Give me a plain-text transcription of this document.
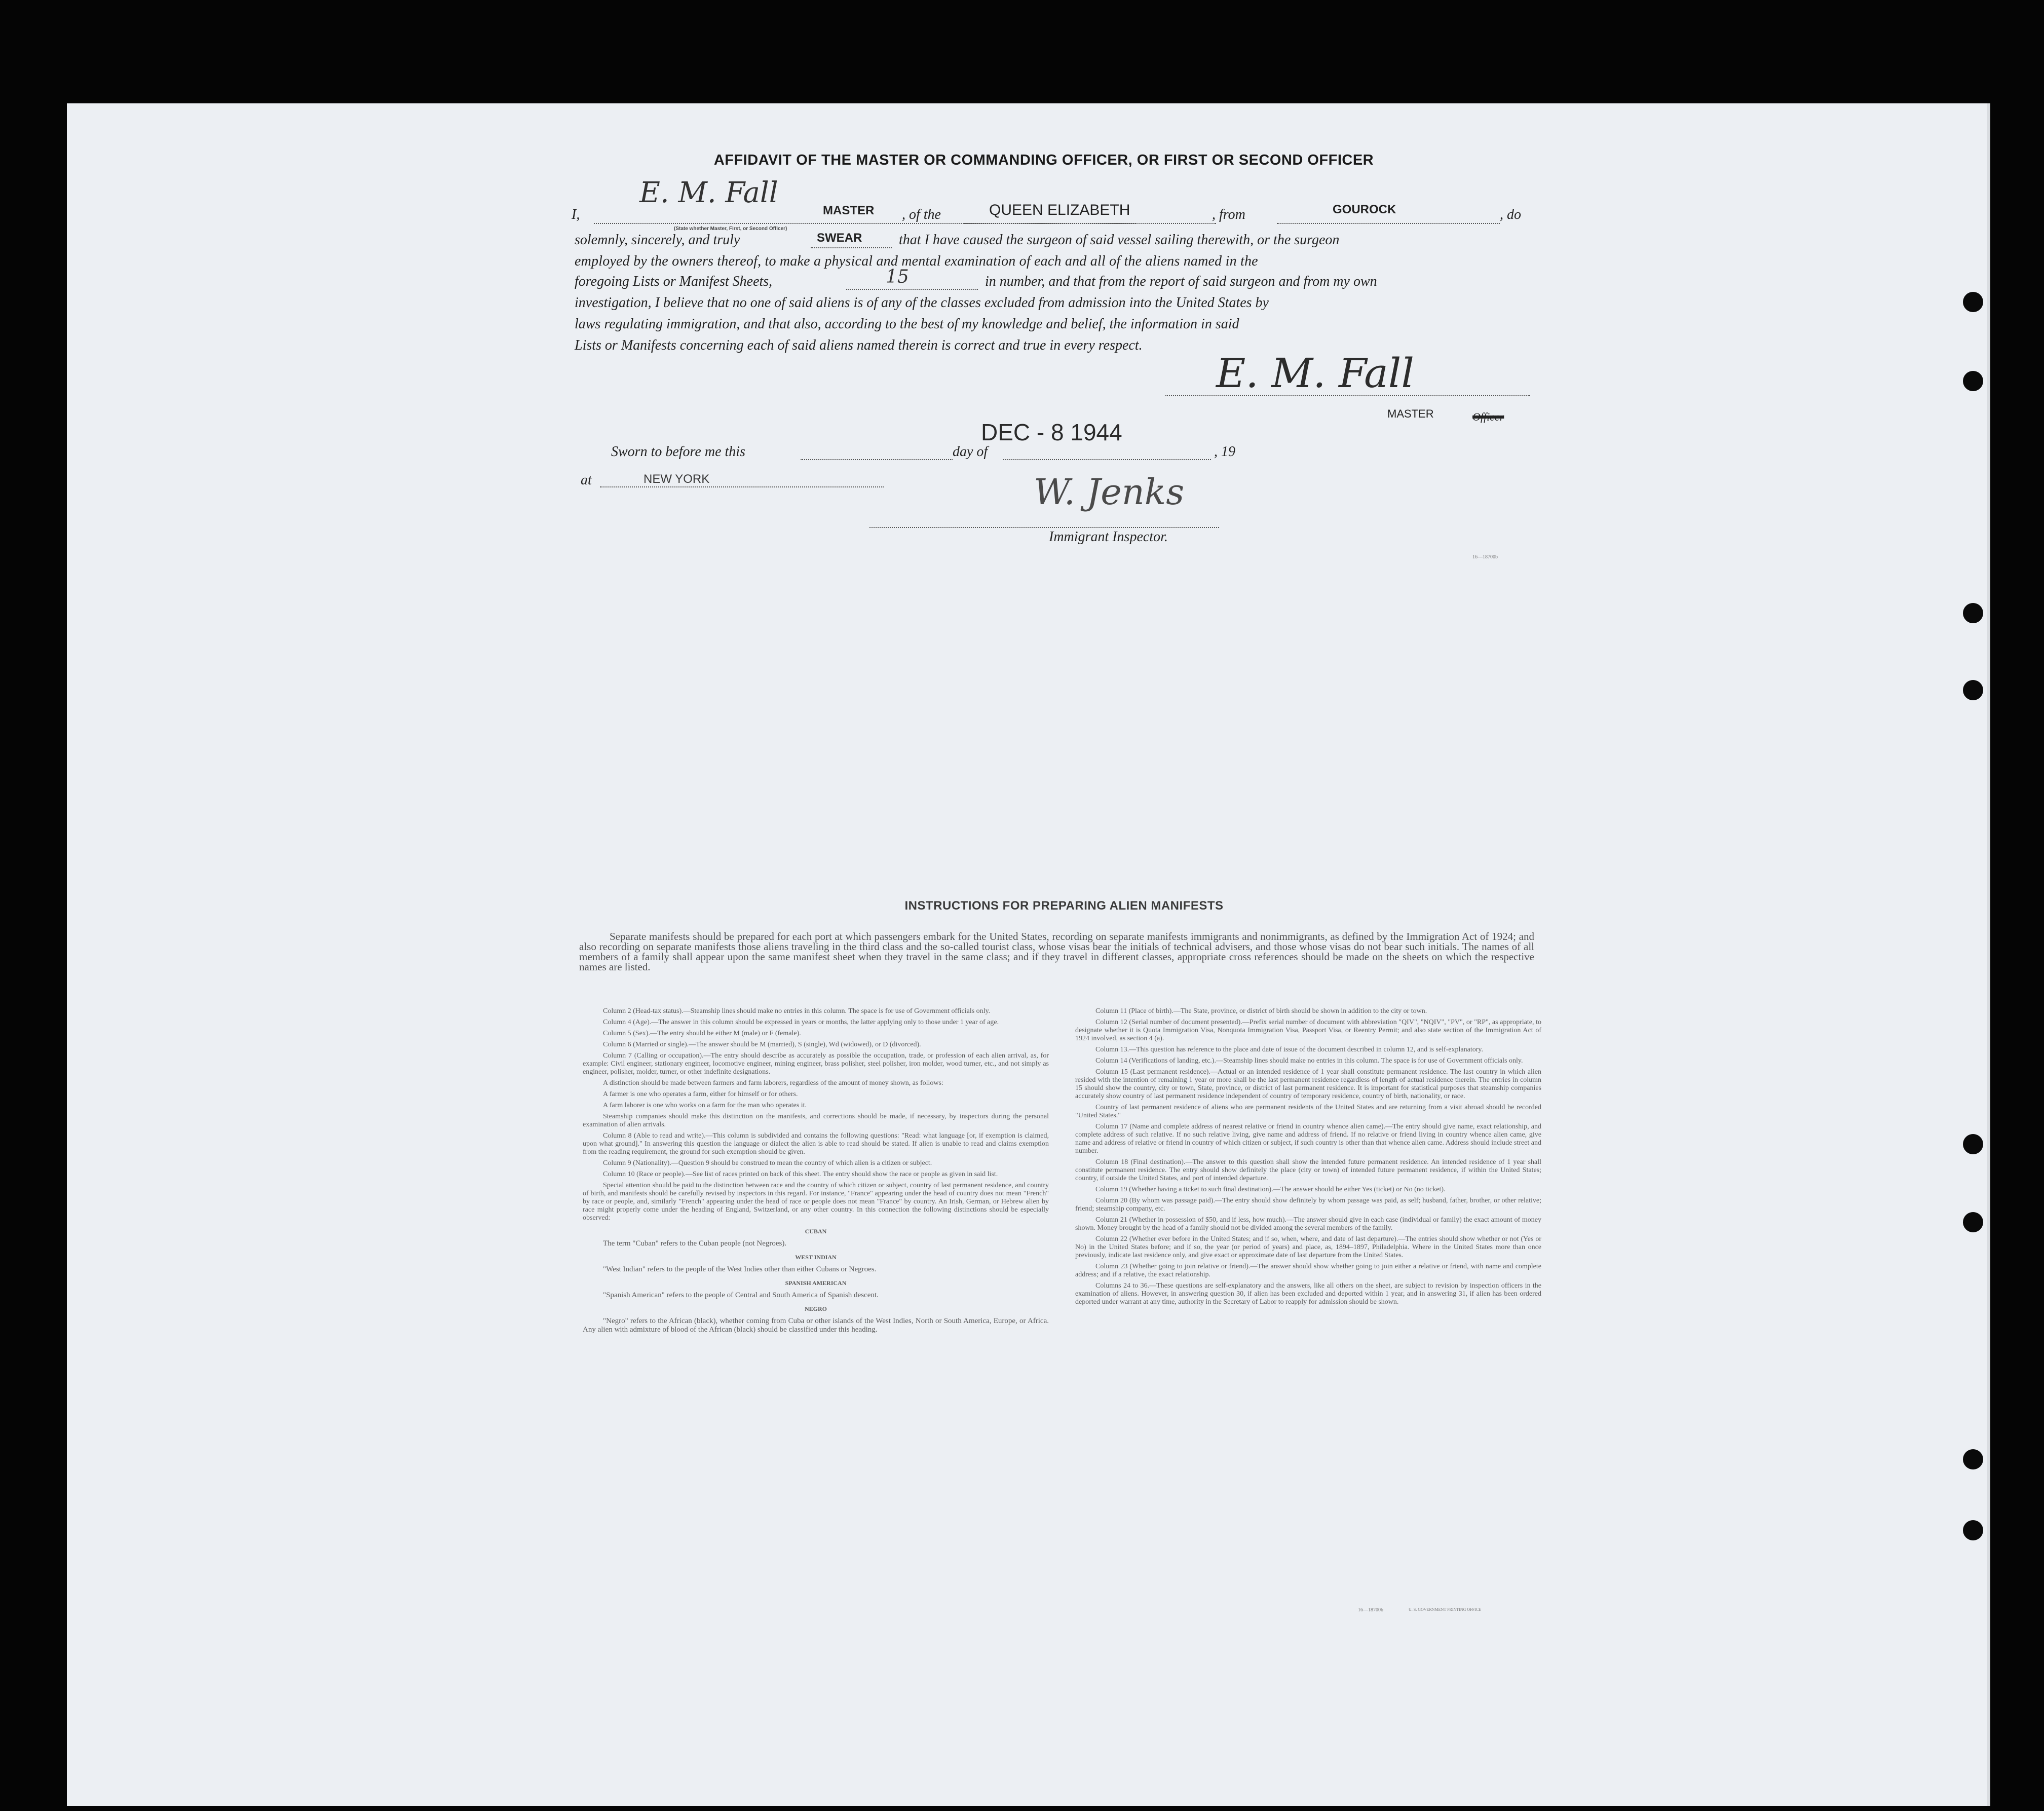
AFFIDAVIT OF THE MASTER OR COMMANDING OFFICER, OR FIRST OR SECOND OFFICER
I,
E. M. Fall
MASTER
(State whether Master, First, or Second Officer)
, of the	QUEEN ELIZABETH	, from	GOUROCK	, do
solemnly, sincerely, and truly	SWEAR	that I have caused the surgeon of said vessel sailing therewith, or the surgeon
employed by the owners thereof, to make a physical and mental examination of each and all of the aliens named in the
foregoing Lists or Manifest Sheets,	15	in number, and that from the report of said surgeon and from my own
investigation, I believe that no one of said aliens is of any of the classes excluded from admission into the United States by
laws regulating immigration, and that also, according to the best of my knowledge and belief, the information in said
Lists or Manifests concerning each of said aliens named therein is correct and true in every respect.
E. M. Fall
MASTER	Officer
Sworn to before me this	day of	, 19
DEC - 8 1944
at	NEW YORK	W. Jenks
Immigrant Inspector.
16—18700b
INSTRUCTIONS FOR PREPARING ALIEN MANIFESTS

Separate manifests should be prepared for each port at which passengers embark for the United States, recording on separate manifests immigrants and nonimmigrants, as defined by the Immigration Act of 1924; and also recording on separate manifests those aliens traveling in the third class and the so-called tourist class, whose visas bear the initials of technical advisers, and those whose visas do not bear such initials. The names of all members of a family shall appear upon the same manifest sheet when they travel in the same class; and if they travel in different classes, appropriate cross references should be made on the sheets on which the respective names are listed.

Column 2 (Head-tax status).—Steamship lines should make no entries in this column. The space is for use of Government officials only.

Column 4 (Age).—The answer in this column should be expressed in years or months, the latter applying only to those under 1 year of age.

Column 5 (Sex).—The entry should be either M (male) or F (female).

Column 6 (Married or single).—The answer should be M (married), S (single), Wd (widowed), or D (divorced).

Column 7 (Calling or occupation).—The entry should describe as accurately as possible the occupation, trade, or profession of each alien arrival, as, for example: Civil engineer, stationary engineer, locomotive engineer, mining engineer, brass polisher, steel polisher, iron molder, wood turner, etc., and not simply as engineer, polisher, molder, turner, or other indefinite designations.

A distinction should be made between farmers and farm laborers, regardless of the amount of money shown, as follows:

A farmer is one who operates a farm, either for himself or for others.

A farm laborer is one who works on a farm for the man who operates it.

Steamship companies should make this distinction on the manifests, and corrections should be made, if necessary, by inspectors during the personal examination of alien arrivals.

Column 8 (Able to read and write).—This column is subdivided and contains the following questions: "Read: what language [or, if exemption is claimed, upon what ground]." In answering this question the language or dialect the alien is able to read should be stated. If alien is unable to read and claims exemption from the reading requirement, the ground for such exemption should be given.

Column 9 (Nationality).—Question 9 should be construed to mean the country of which alien is a citizen or subject.

Column 10 (Race or people).—See list of races printed on back of this sheet. The entry should show the race or people as given in said list.

Special attention should be paid to the distinction between race and the country of which citizen or subject, country of last permanent residence, and country of birth, and manifests should be carefully revised by inspectors in this regard. For instance, "France" appearing under the head of country does not mean "French" by race or people, and, similarly "French" appearing under the head of race or people does not mean "France" by country. An Irish, German, or Hebrew alien by race might properly come under the heading of England, Switzerland, or any other country. In this connection the following distinctions should be especially observed:

CUBAN

The term "Cuban" refers to the Cuban people (not Negroes).

WEST INDIAN

"West Indian" refers to the people of the West Indies other than either Cubans or Negroes.

SPANISH AMERICAN

"Spanish American" refers to the people of Central and South America of Spanish descent.

NEGRO

"Negro" refers to the African (black), whether coming from Cuba or other islands of the West Indies, North or South America, Europe, or Africa. Any alien with admixture of blood of the African (black) should be classified under this heading.

Column 11 (Place of birth).—The State, province, or district of birth should be shown in addition to the city or town.

Column 12 (Serial number of document presented).—Prefix serial number of document with abbreviation "QIV", "NQIV", "PV", or "RP", as appropriate, to designate whether it is Quota Immigration Visa, Nonquota Immigration Visa, Passport Visa, or Reentry Permit; and also state section of the Immigration Act of 1924 involved, as section 4 (a).

Column 13.—This question has reference to the place and date of issue of the document described in column 12, and is self-explanatory.

Column 14 (Verifications of landing, etc.).—Steamship lines should make no entries in this column. The space is for use of Government officials only.

Column 15 (Last permanent residence).—Actual or an intended residence of 1 year shall constitute permanent residence. The last country in which alien resided with the intention of remaining 1 year or more shall be the last permanent residence regardless of length of actual residence therein. The entries in column 15 should show the country, city or town, State, province, or district of last permanent residence. It is important for statistical purposes that steamship companies accurately show country of last permanent residence independent of country of temporary residence, country of birth, nationality, or race.

Country of last permanent residence of aliens who are permanent residents of the United States and are returning from a visit abroad should be recorded "United States."

Column 17 (Name and complete address of nearest relative or friend in country whence alien came).—The entry should give name, exact relationship, and complete address of such relative. If no such relative living, give name and address of friend. If no relative or friend living in country whence alien came, give name and address of relative or friend in country of which citizen or subject, if such country is other than that whence alien came. Address should include street and number.

Column 18 (Final destination).—The answer to this question shall show the intended future permanent residence. An intended residence of 1 year shall constitute permanent residence. The entry should show definitely the place (city or town) of intended future permanent residence, if within the United States; country, if outside the United States, and port of intended departure.

Column 19 (Whether having a ticket to such final destination).—The answer should be either Yes (ticket) or No (no ticket).

Column 20 (By whom was passage paid).—The entry should show definitely by whom passage was paid, as self; husband, father, brother, or other relative; friend; steamship company, etc.

Column 21 (Whether in possession of $50, and if less, how much).—The answer should give in each case (individual or family) the exact amount of money shown. Money brought by the head of a family should not be divided among the several members of the family.

Column 22 (Whether ever before in the United States; and if so, when, where, and date of last departure).—The entries should show whether or not (Yes or No) in the United States before; and if so, the year (or period of years) and place, as, 1894–1897, Philadelphia. Where in the United States more than once previously, indicate last residence only, and give exact or approximate date of last departure from the United States.

Column 23 (Whether going to join relative or friend).—The answer should show whether going to join either a relative or friend, with name and complete address; and if a relative, the exact relationship.

Columns 24 to 36.—These questions are self-explanatory and the answers, like all others on the sheet, are subject to revision by inspection officers in the examination of aliens. However, in answering question 30, if alien has been excluded and deported within 1 year, and in answering 31, if alien has been ordered deported under warrant at any time, authority in the Secretary of Labor to reapply for admission should be shown.

16—18700b	U. S. GOVERNMENT PRINTING OFFICE
